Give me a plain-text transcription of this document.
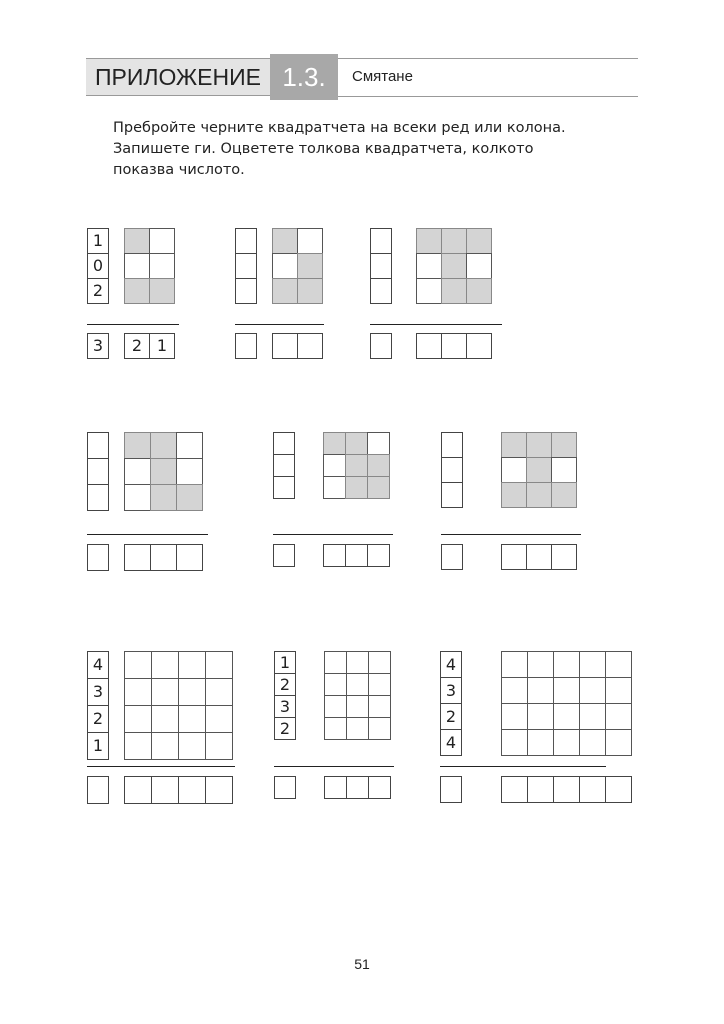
ПРИЛОЖЕНИЕ 1.3.	Смятане
Пребройте черните квадратчета на всеки ред или колона.
Запишете ги. Оцветете толкова квадратчета, колкото
показва числото.
1
0
2
3	2 1
4
3
2
1
1
2
3
2
4
3
2
4
51
